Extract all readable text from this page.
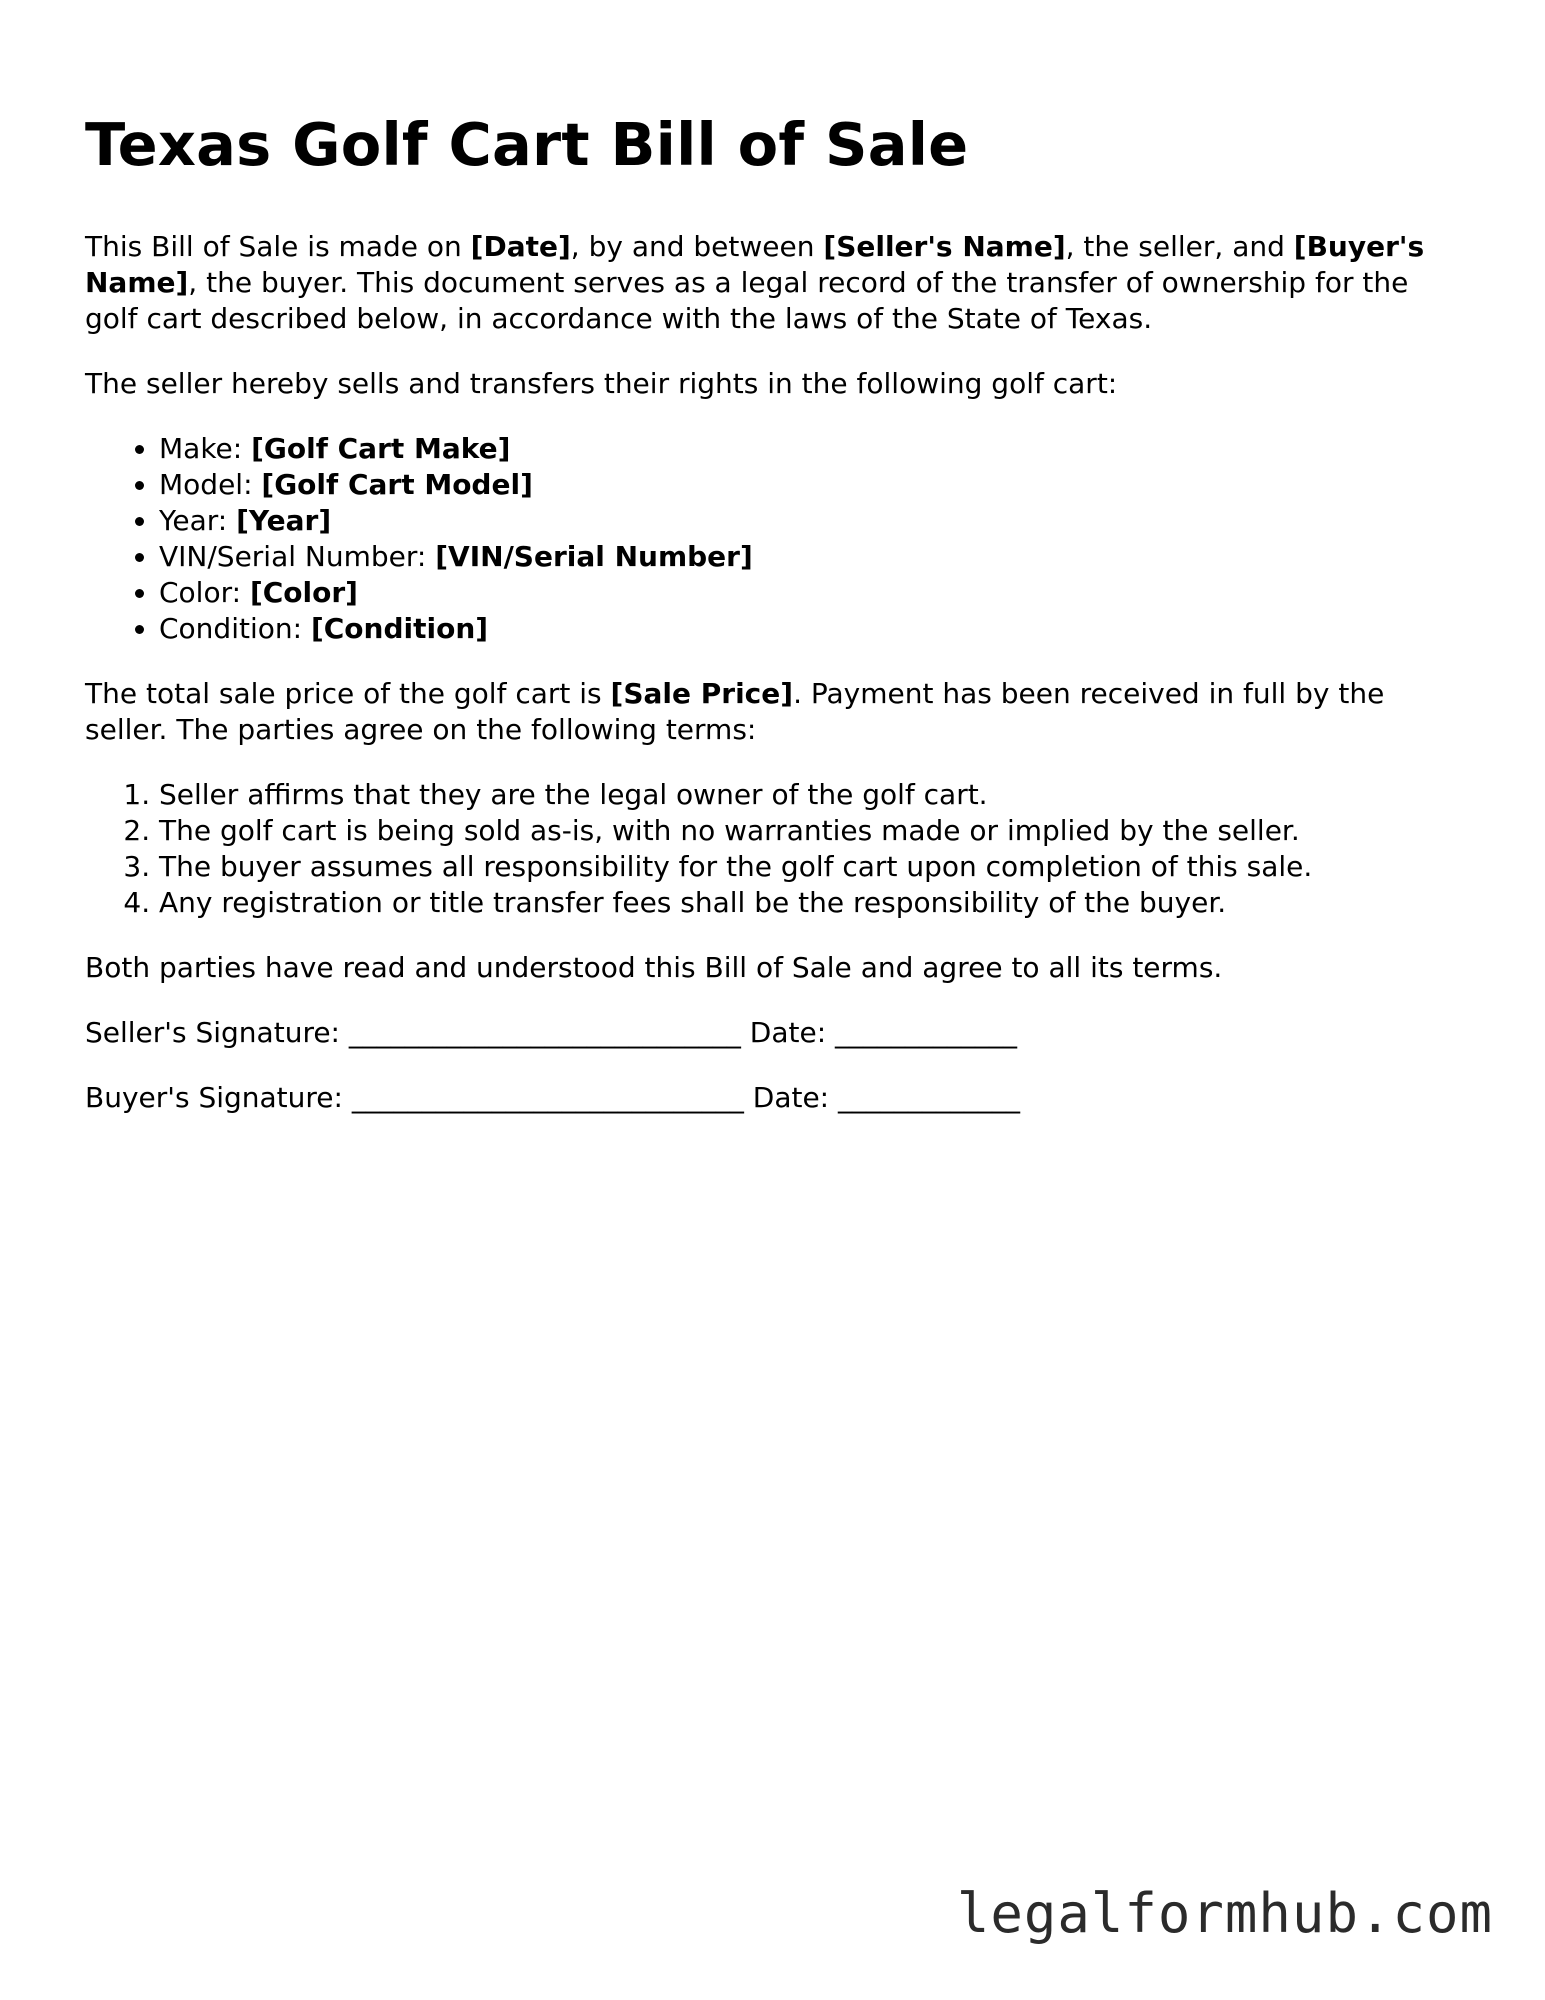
Texas Golf Cart Bill of Sale

This Bill of Sale is made on [Date], by and between [Seller's Name], the seller, and [Buyer's Name], the buyer. This document serves as a legal record of the transfer of ownership for the golf cart described below, in accordance with the laws of the State of Texas.

The seller hereby sells and transfers their rights in the following golf cart:

• Make: [Golf Cart Make]
• Model: [Golf Cart Model]
• Year: [Year]
• VIN/Serial Number: [VIN/Serial Number]
• Color: [Color]
• Condition: [Condition]

The total sale price of the golf cart is [Sale Price]. Payment has been received in full by the seller. The parties agree on the following terms:

1. Seller affirms that they are the legal owner of the golf cart.
2. The golf cart is being sold as-is, with no warranties made or implied by the seller.
3. The buyer assumes all responsibility for the golf cart upon completion of this sale.
4. Any registration or title transfer fees shall be the responsibility of the buyer.

Both parties have read and understood this Bill of Sale and agree to all its terms.

Seller's Signature: ____________________________ Date: _____________

Buyer's Signature: ____________________________ Date: _____________

legalformhub.com
